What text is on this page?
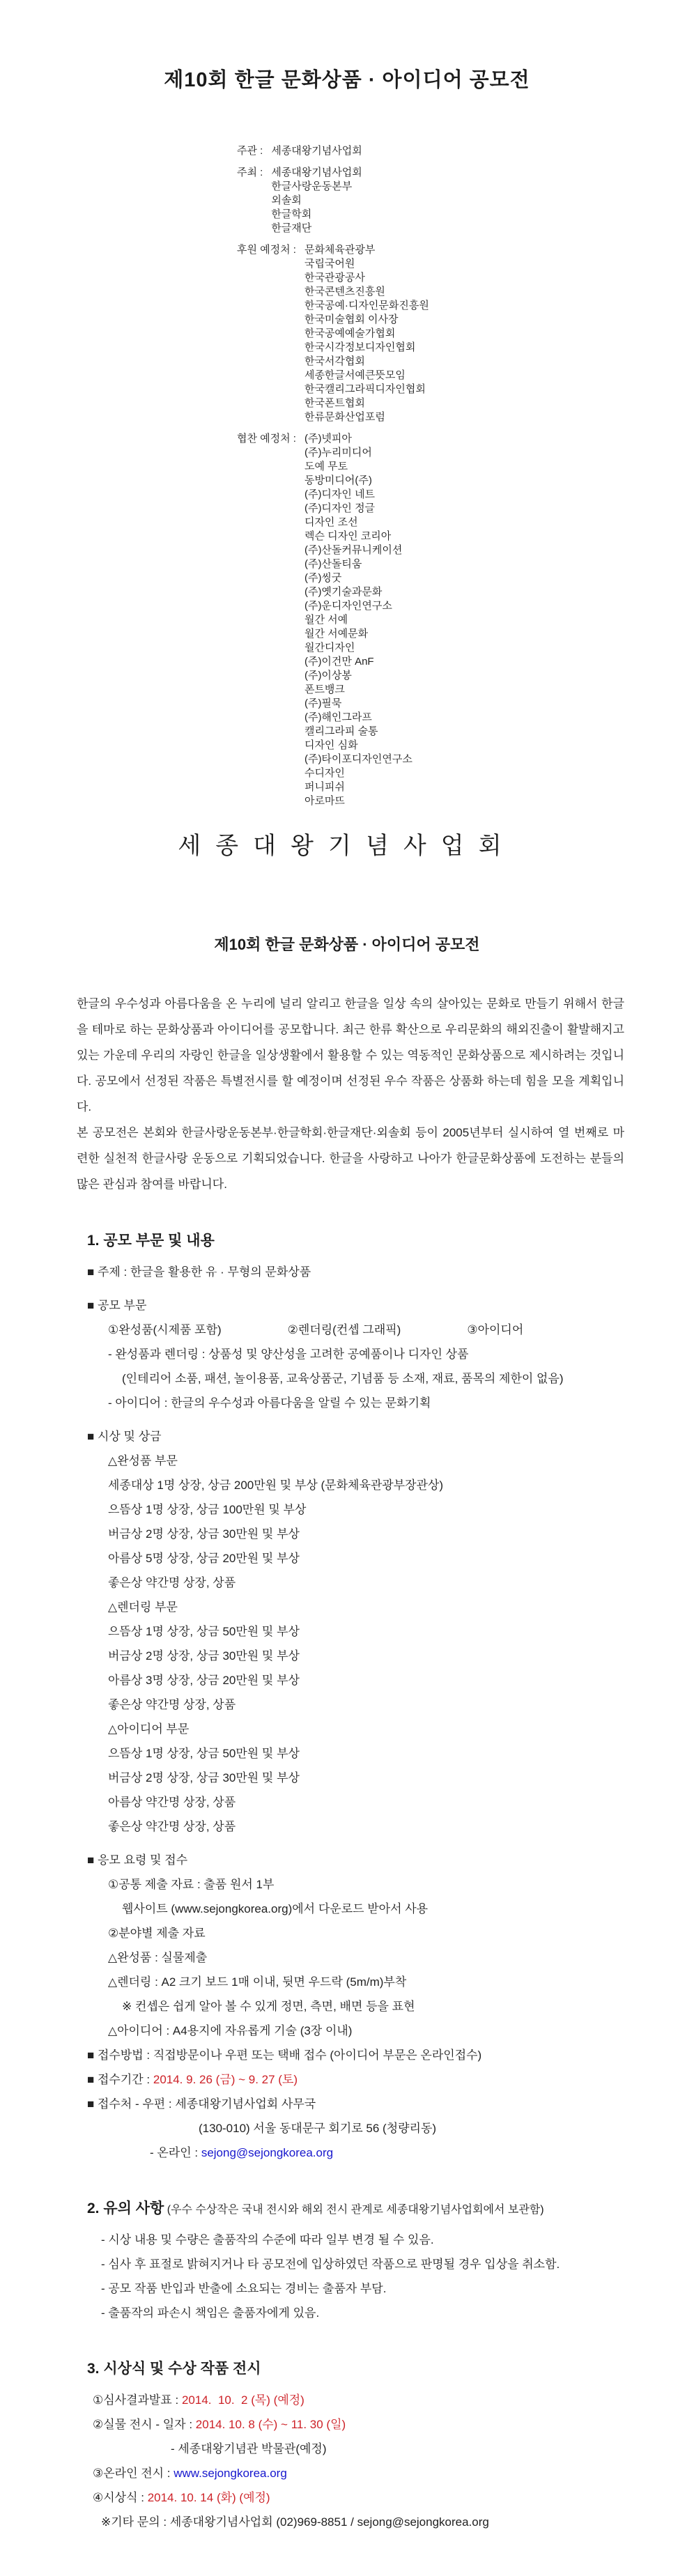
제10회 한글 문화상품 · 아이디어 공모전
주관 : 세종대왕기념사업회
주최 : 세종대왕기념사업회
한글사랑운동본부
외솔회
한글학회
한글재단
후원 예정처 : 문화체육관광부
국립국어원
한국관광공사
한국콘텐츠진흥원
한국공예·디자인문화진흥원
한국미술협회 이사장
한국공예예술가협회
한국시각정보디자인협회
한국서각협회
세종한글서예큰뜻모임
한국캘리그라픽디자인협회
한국폰트협회
한류문화산업포럼
협찬 예정처 : (주)넷피아
(주)누리미디어
도예 무토
동방미디어(주)
(주)디자인 네트
(주)디자인 정글
디자인 조선
렉슨 디자인 코리아
(주)산돌커뮤니케이션
(주)산돌티움
(주)씽굿
(주)옛기술과문화
(주)운디자인연구소
월간 서예
월간 서예문화
월간디자인
(주)이건만 AnF
(주)이상봉
폰트뱅크
(주)필묵
(주)해인그라프
캘리그라피 술통
디자인 심화
(주)타이포디자인연구소
수디자인
퍼니피쉬
아로마뜨
세종대왕기념사업회
제10회 한글 문화상품 · 아이디어 공모전

한글의 우수성과 아름다움을 온 누리에 널리 알리고 한글을 일상 속의 살아있는 문화로 만들기 위해서 한글을 테마로 하는 문화상품과 아이디어를 공모합니다. 최근 한류 확산으로 우리문화의 해외진출이 활발해지고 있는 가운데 우리의 자랑인 한글을 일상생활에서 활용할 수 있는 역동적인 문화상품으로 제시하려는 것입니다. 공모에서 선정된 작품은 특별전시를 할 예정이며 선정된 우수 작품은 상품화 하는데 힘을 모을 계획입니다.

본 공모전은 본회와 한글사랑운동본부·한글학회·한글재단·외솔회 등이 2005년부터 실시하여 열 번째로 마련한 실천적 한글사랑 운동으로 기획되었습니다. 한글을 사랑하고 나아가 한글문화상품에 도전하는 분들의 많은 관심과 참여를 바랍니다.

1. 공모 부문 및 내용
■ 주제 : 한글을 활용한 유 · 무형의 문화상품
■ 공모 부문
①완성품(시제품 포함)	②렌더링(컨셉 그래픽)	③아이디어
- 완성품과 렌더링 : 상품성 및 양산성을 고려한 공예품이나 디자인 상품
(인테리어 소품, 패션, 놀이용품, 교육상품군, 기념품 등 소재, 재료, 품목의 제한이 없음)
- 아이디어 : 한글의 우수성과 아름다움을 알릴 수 있는 문화기획
■ 시상 및 상금
△완성품 부문
세종대상 1명 상장, 상금 200만원 및 부상 (문화체육관광부장관상)
으뜸상 1명 상장, 상금 100만원 및 부상
버금상 2명 상장, 상금 30만원 및 부상
아름상 5명 상장, 상금 20만원 및 부상
좋은상 약간명 상장, 상품
△렌더링 부문
으뜸상 1명 상장, 상금 50만원 및 부상
버금상 2명 상장, 상금 30만원 및 부상
아름상 3명 상장, 상금 20만원 및 부상
좋은상 약간명 상장, 상품
△아이디어 부문
으뜸상 1명 상장, 상금 50만원 및 부상
버금상 2명 상장, 상금 30만원 및 부상
아름상 약간명 상장, 상품
좋은상 약간명 상장, 상품
■ 응모 요령 및 접수
①공통 제출 자료 : 출품 원서 1부
웹사이트 (www.sejongkorea.org)에서 다운로드 받아서 사용
②분야별 제출 자료
△완성품 : 실물제출
△렌더링 : A2 크기 보드 1매 이내, 뒷면 우드락 (5m/m)부착
※ 컨셉은 쉽게 알아 볼 수 있게 정면, 측면, 배면 등을 표현
△아이디어 : A4용지에 자유롭게 기술 (3장 이내)
■ 접수방법 : 직접방문이나 우편 또는 택배 접수 (아이디어 부문은 온라인접수)
■ 접수기간 : 2014. 9. 26 (금) ~ 9. 27 (토)
■ 접수처 - 우편 : 세종대왕기념사업회 사무국
(130-010) 서울 동대문구 회기로 56 (청량리동)
- 온라인 : sejong@sejongkorea.org
2. 유의 사항 (우수 수상작은 국내 전시와 해외 전시 관계로 세종대왕기념사업회에서 보관함)
- 시상 내용 및 수량은 출품작의 수준에 따라 일부 변경 될 수 있음.
- 심사 후 표절로 밝혀지거나 타 공모전에 입상하였던 작품으로 판명될 경우 입상을 취소함.
- 공모 작품 반입과 반출에 소요되는 경비는 출품자 부담.
- 출품작의 파손시 책임은 출품자에게 있음.
3. 시상식 및 수상 작품 전시
①심사결과발표 : 2014.  10.  2 (목) (예정)
②실물 전시 - 일자 : 2014. 10. 8 (수) ~ 11. 30 (일)
- 세종대왕기념관 박물관(예정)
③온라인 전시 : www.sejongkorea.org
④시상식 : 2014. 10. 14 (화) (예정)
※기타 문의 : 세종대왕기념사업회 (02)969-8851 / sejong@sejongkorea.org
